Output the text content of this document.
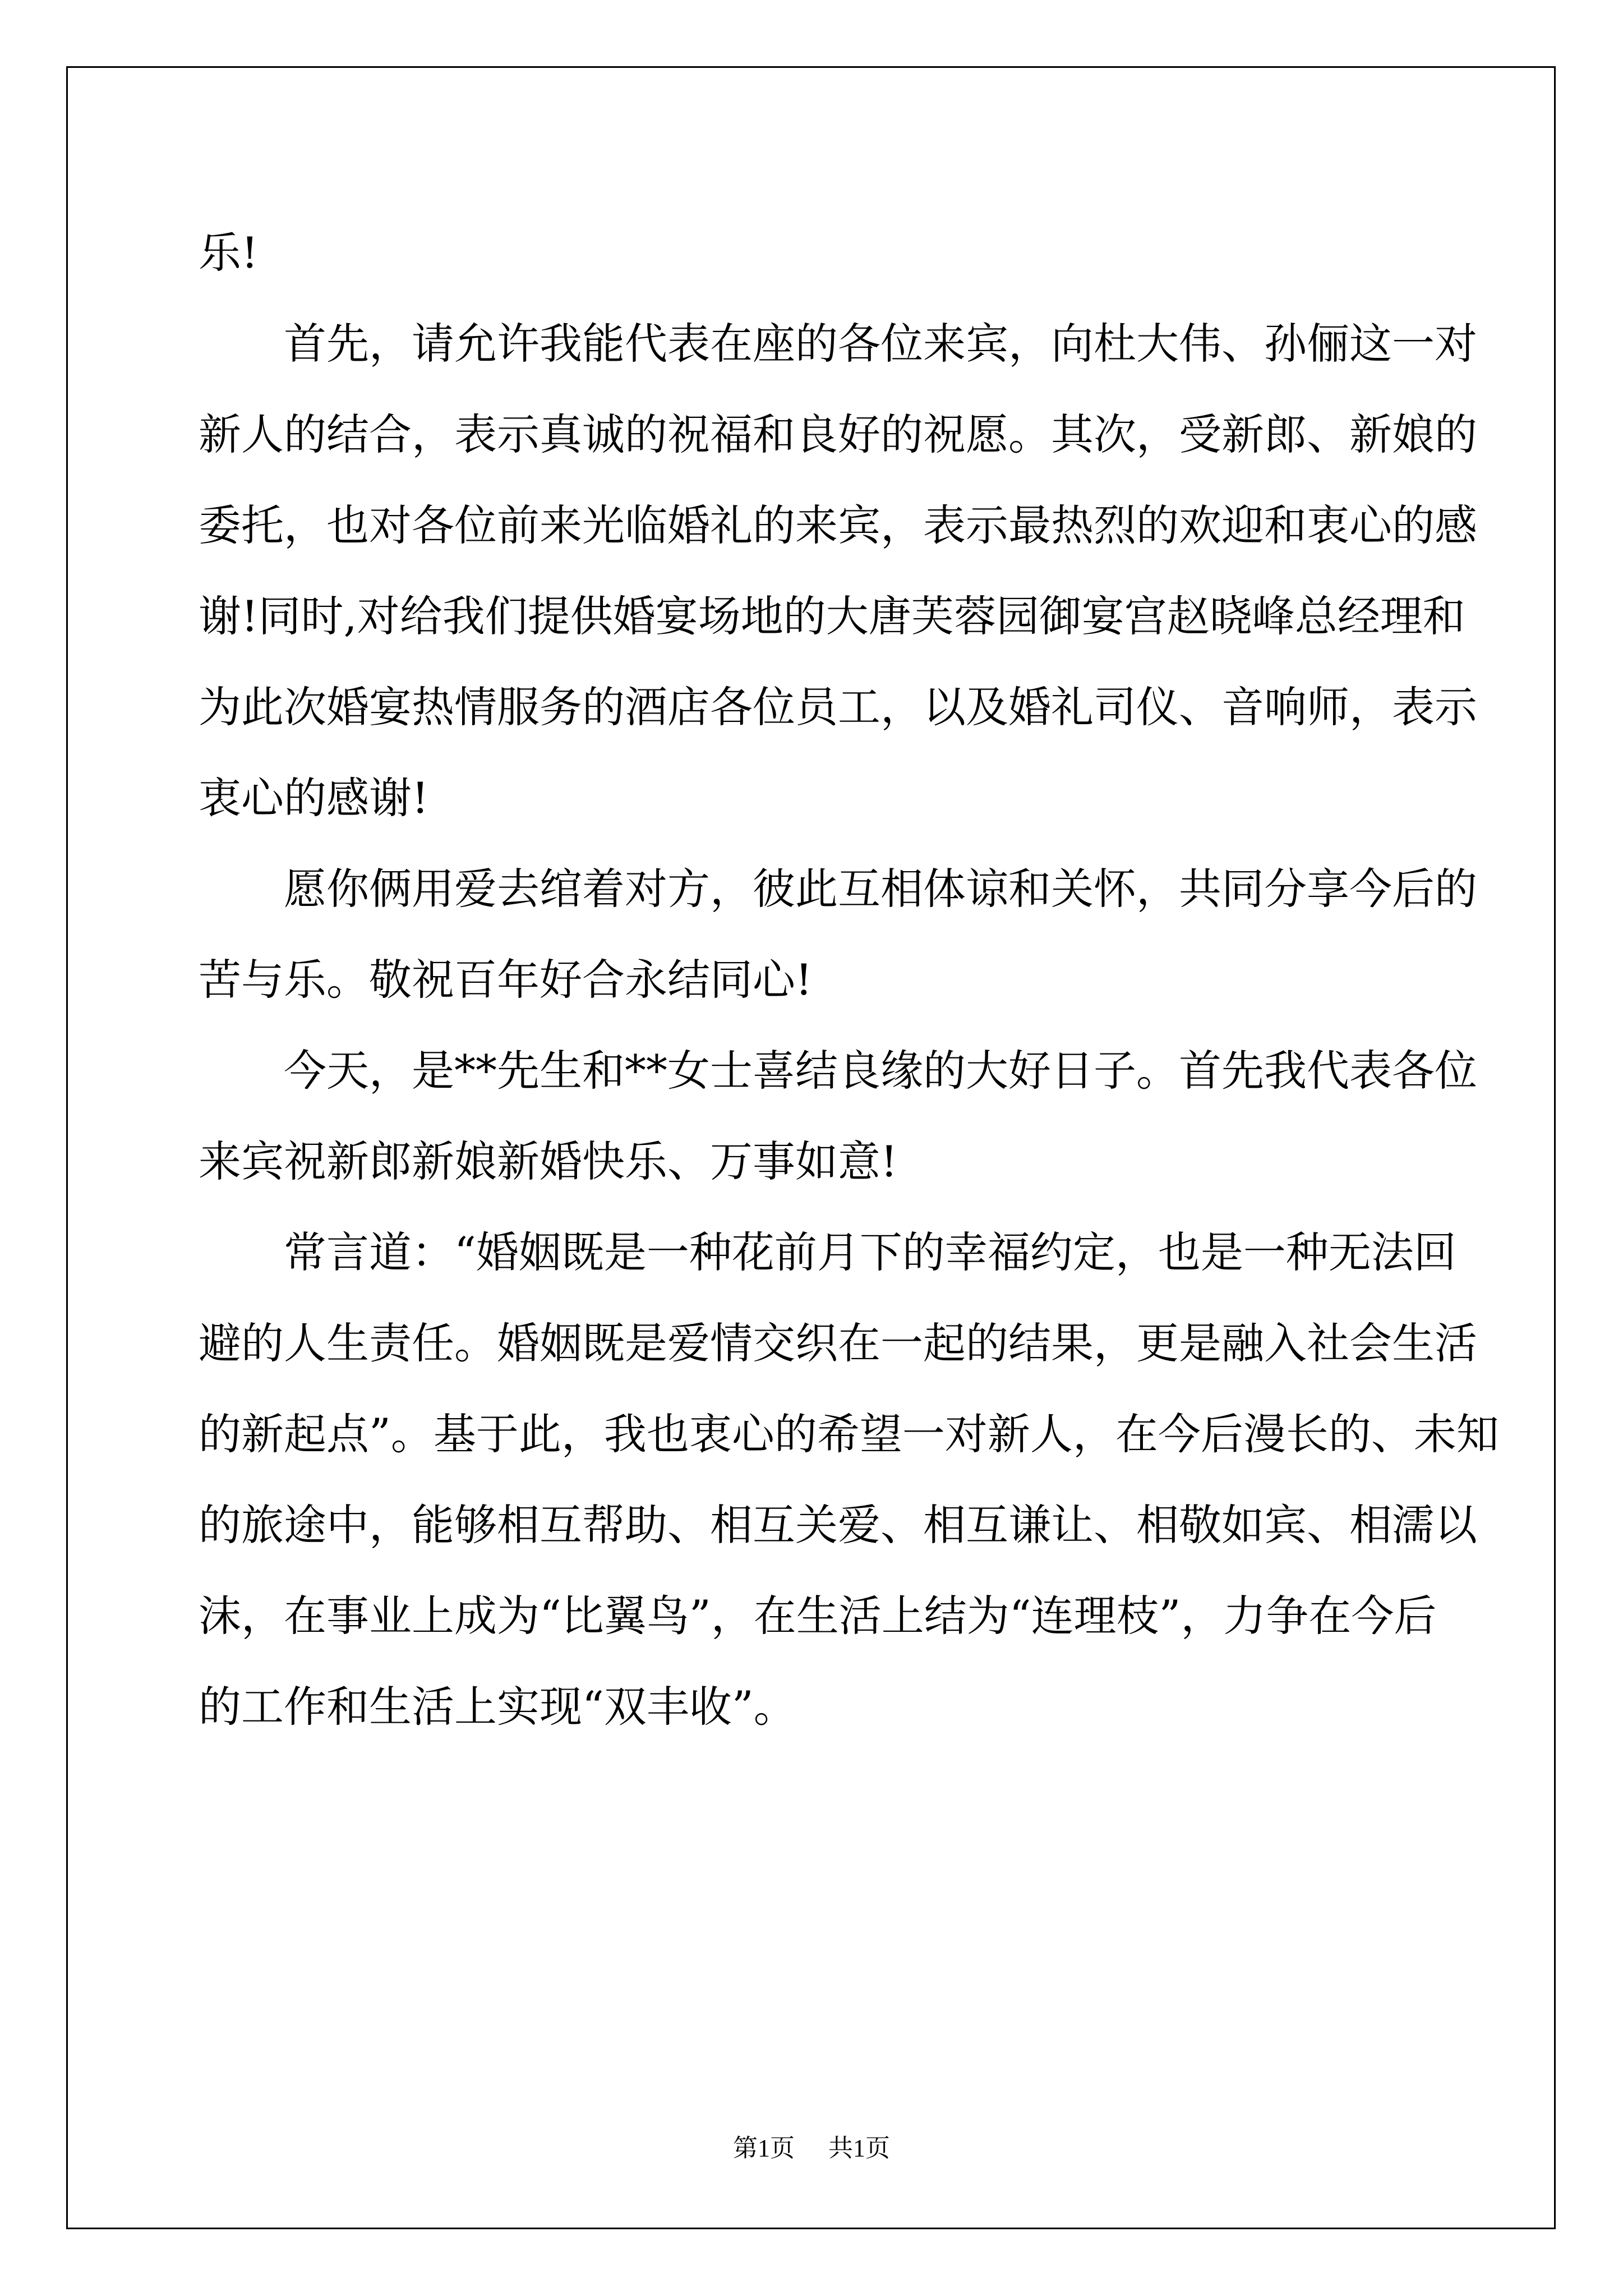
乐!
首先，请允许我能代表在座的各位来宾，向杜大伟、孙俪这一对
新人的结合，表示真诚的祝福和良好的祝愿。其次，受新郎、新娘的
委托，也对各位前来光临婚礼的来宾，表示最热烈的欢迎和衷心的感
谢!同时,对给我们提供婚宴场地的大唐芙蓉园御宴宫赵晓峰总经理和
为此次婚宴热情服务的酒店各位员工，以及婚礼司仪、音响师，表示
衷心的感谢!
愿你俩用爱去绾着对方，彼此互相体谅和关怀，共同分享今后的
苦与乐。敬祝百年好合永结同心!
今天，是**先生和**女士喜结良缘的大好日子。首先我代表各位
来宾祝新郎新娘新婚快乐、万事如意!
常言道：“婚姻既是一种花前月下的幸福约定，也是一种无法回
避的人生责任。婚姻既是爱情交织在一起的结果，更是融入社会生活
的新起点”。基于此，我也衷心的希望一对新人，在今后漫长的、未知
的旅途中，能够相互帮助、相互关爱、相互谦让、相敬如宾、相濡以
沫，在事业上成为“比翼鸟”，在生活上结为“连理枝”，力争在今后
的工作和生活上实现“双丰收”。
第1页 共1页
